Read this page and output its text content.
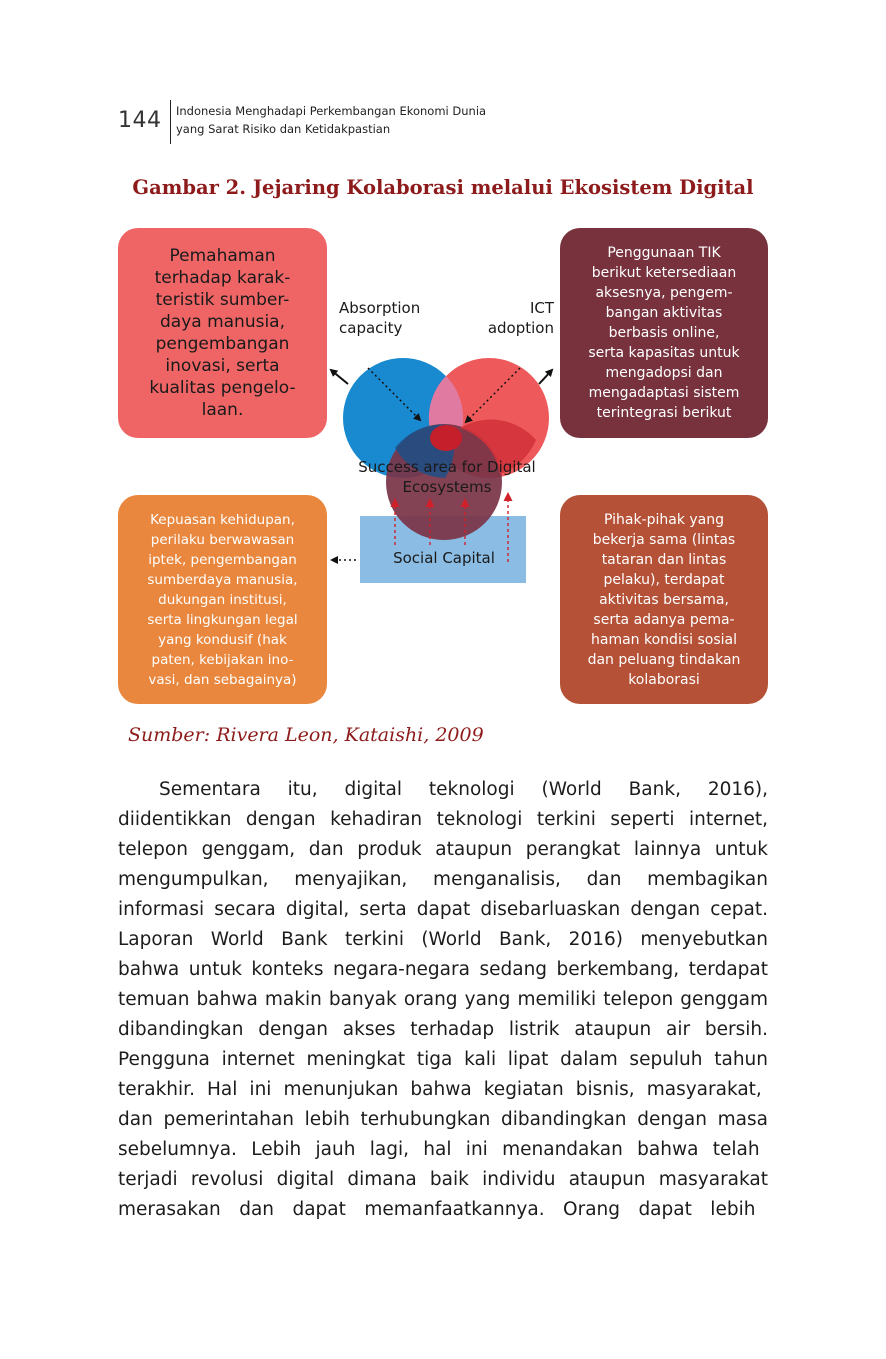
144 Indonesia Menghadapi Perkembangan Ekonomi Dunia
yang Sarat Risiko dan Ketidakpastian
Gambar 2. Jejaring Kolaborasi melalui Ekosistem Digital
Success area for Digital
Ecosystems
Social Capital
Absorption
capacity
ICT
adoption
Pemahaman
terhadap karak-
teristik sumber-
daya manusia,
pengembangan
inovasi, serta
kualitas pengelo-
laan.
Penggunaan TIK
berikut ketersediaan
aksesnya, pengem-
bangan aktivitas
berbasis online,
serta kapasitas untuk
mengadopsi dan
mengadaptasi sistem
terintegrasi berikut
Kepuasan kehidupan,
perilaku berwawasan
iptek, pengembangan
sumberdaya manusia,
dukungan institusi,
serta lingkungan legal
yang kondusif (hak
paten, kebijakan ino-
vasi, dan sebagainya)
Pihak-pihak yang
bekerja sama (lintas
tataran dan lintas
pelaku), terdapat
aktivitas bersama,
serta adanya pema-
haman kondisi sosial
dan peluang tindakan
kolaborasi
Sumber: Rivera Leon, Kataishi, 2009
Sementara itu, digital teknologi (World Bank, 2016),
diidentikkan dengan kehadiran teknologi terkini seperti internet,
telepon genggam, dan produk ataupun perangkat lainnya untuk
mengumpulkan, menyajikan, menganalisis, dan membagikan
informasi secara digital, serta dapat disebarluaskan dengan cepat.
Laporan World Bank terkini (World Bank, 2016) menyebutkan
bahwa untuk konteks negara-negara sedang berkembang, terdapat
temuan bahwa makin banyak orang yang memiliki telepon genggam
dibandingkan dengan akses terhadap listrik ataupun air bersih.
Pengguna internet meningkat tiga kali lipat dalam sepuluh tahun
terakhir. Hal ini menunjukan bahwa kegiatan bisnis, masyarakat,
dan pemerintahan lebih terhubungkan dibandingkan dengan masa
sebelumnya. Lebih jauh lagi, hal ini menandakan bahwa telah
terjadi revolusi digital dimana baik individu ataupun masyarakat
merasakan dan dapat memanfaatkannya. Orang dapat lebih
